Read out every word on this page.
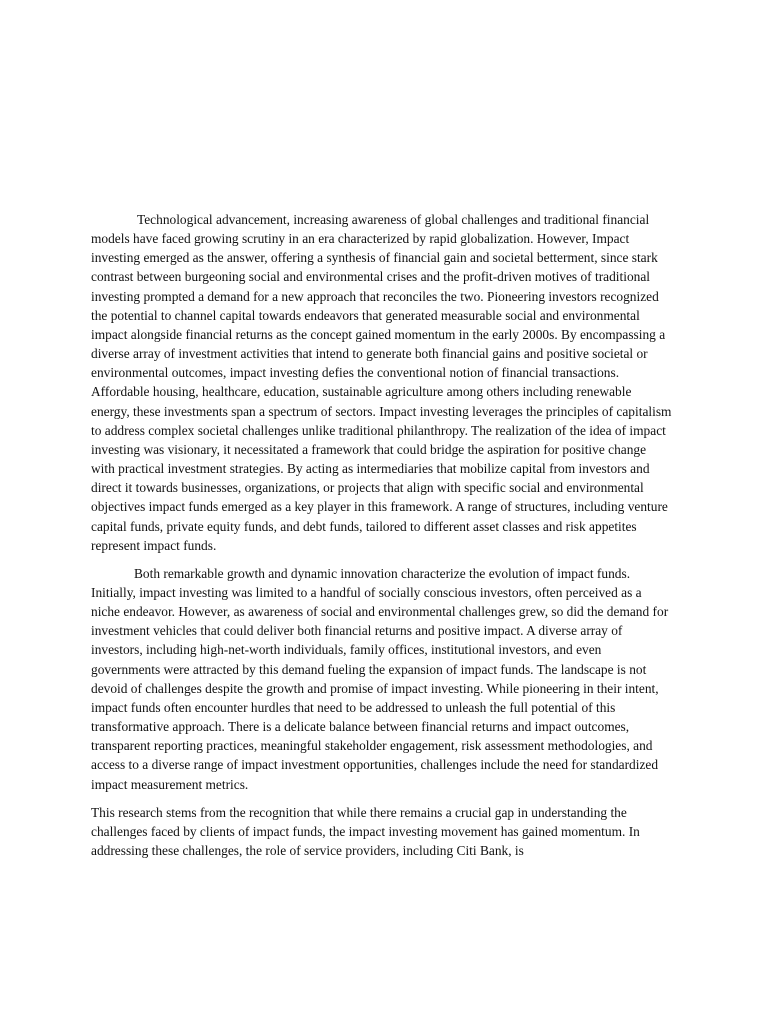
Technological advancement, increasing awareness of global challenges and traditional financial models have faced growing scrutiny in an era characterized by rapid globalization. However, Impact investing emerged as the answer, offering a synthesis of financial gain and societal betterment, since stark contrast between burgeoning social and environmental crises and the profit-driven motives of traditional investing prompted a demand for a new approach that reconciles the two. Pioneering investors recognized the potential to channel capital towards endeavors that generated measurable social and environmental impact alongside financial returns as the concept gained momentum in the early 2000s. By encompassing a diverse array of investment activities that intend to generate both financial gains and positive societal or environmental outcomes, impact investing defies the conventional notion of financial transactions. Affordable housing, healthcare, education, sustainable agriculture among others including renewable energy, these investments span a spectrum of sectors. Impact investing leverages the principles of capitalism to address complex societal challenges unlike traditional philanthropy. The realization of the idea of impact investing was visionary, it necessitated a framework that could bridge the aspiration for positive change with practical investment strategies. By acting as intermediaries that mobilize capital from investors and direct it towards businesses, organizations, or projects that align with specific social and environmental objectives impact funds emerged as a key player in this framework. A range of structures, including venture capital funds, private equity funds, and debt funds, tailored to different asset classes and risk appetites represent impact funds.

Both remarkable growth and dynamic innovation characterize the evolution of impact funds. Initially, impact investing was limited to a handful of socially conscious investors, often perceived as a niche endeavor. However, as awareness of social and environmental challenges grew, so did the demand for investment vehicles that could deliver both financial returns and positive impact. A diverse array of investors, including high-net-worth individuals, family offices, institutional investors, and even governments were attracted by this demand fueling the expansion of impact funds. The landscape is not devoid of challenges despite the growth and promise of impact investing. While pioneering in their intent, impact funds often encounter hurdles that need to be addressed to unleash the full potential of this transformative approach. There is a delicate balance between financial returns and impact outcomes, transparent reporting practices, meaningful stakeholder engagement, risk assessment methodologies, and access to a diverse range of impact investment opportunities, challenges include the need for standardized impact measurement metrics.

This research stems from the recognition that while there remains a crucial gap in understanding the challenges faced by clients of impact funds, the impact investing movement has gained momentum. In addressing these challenges, the role of service providers, including Citi Bank, is
